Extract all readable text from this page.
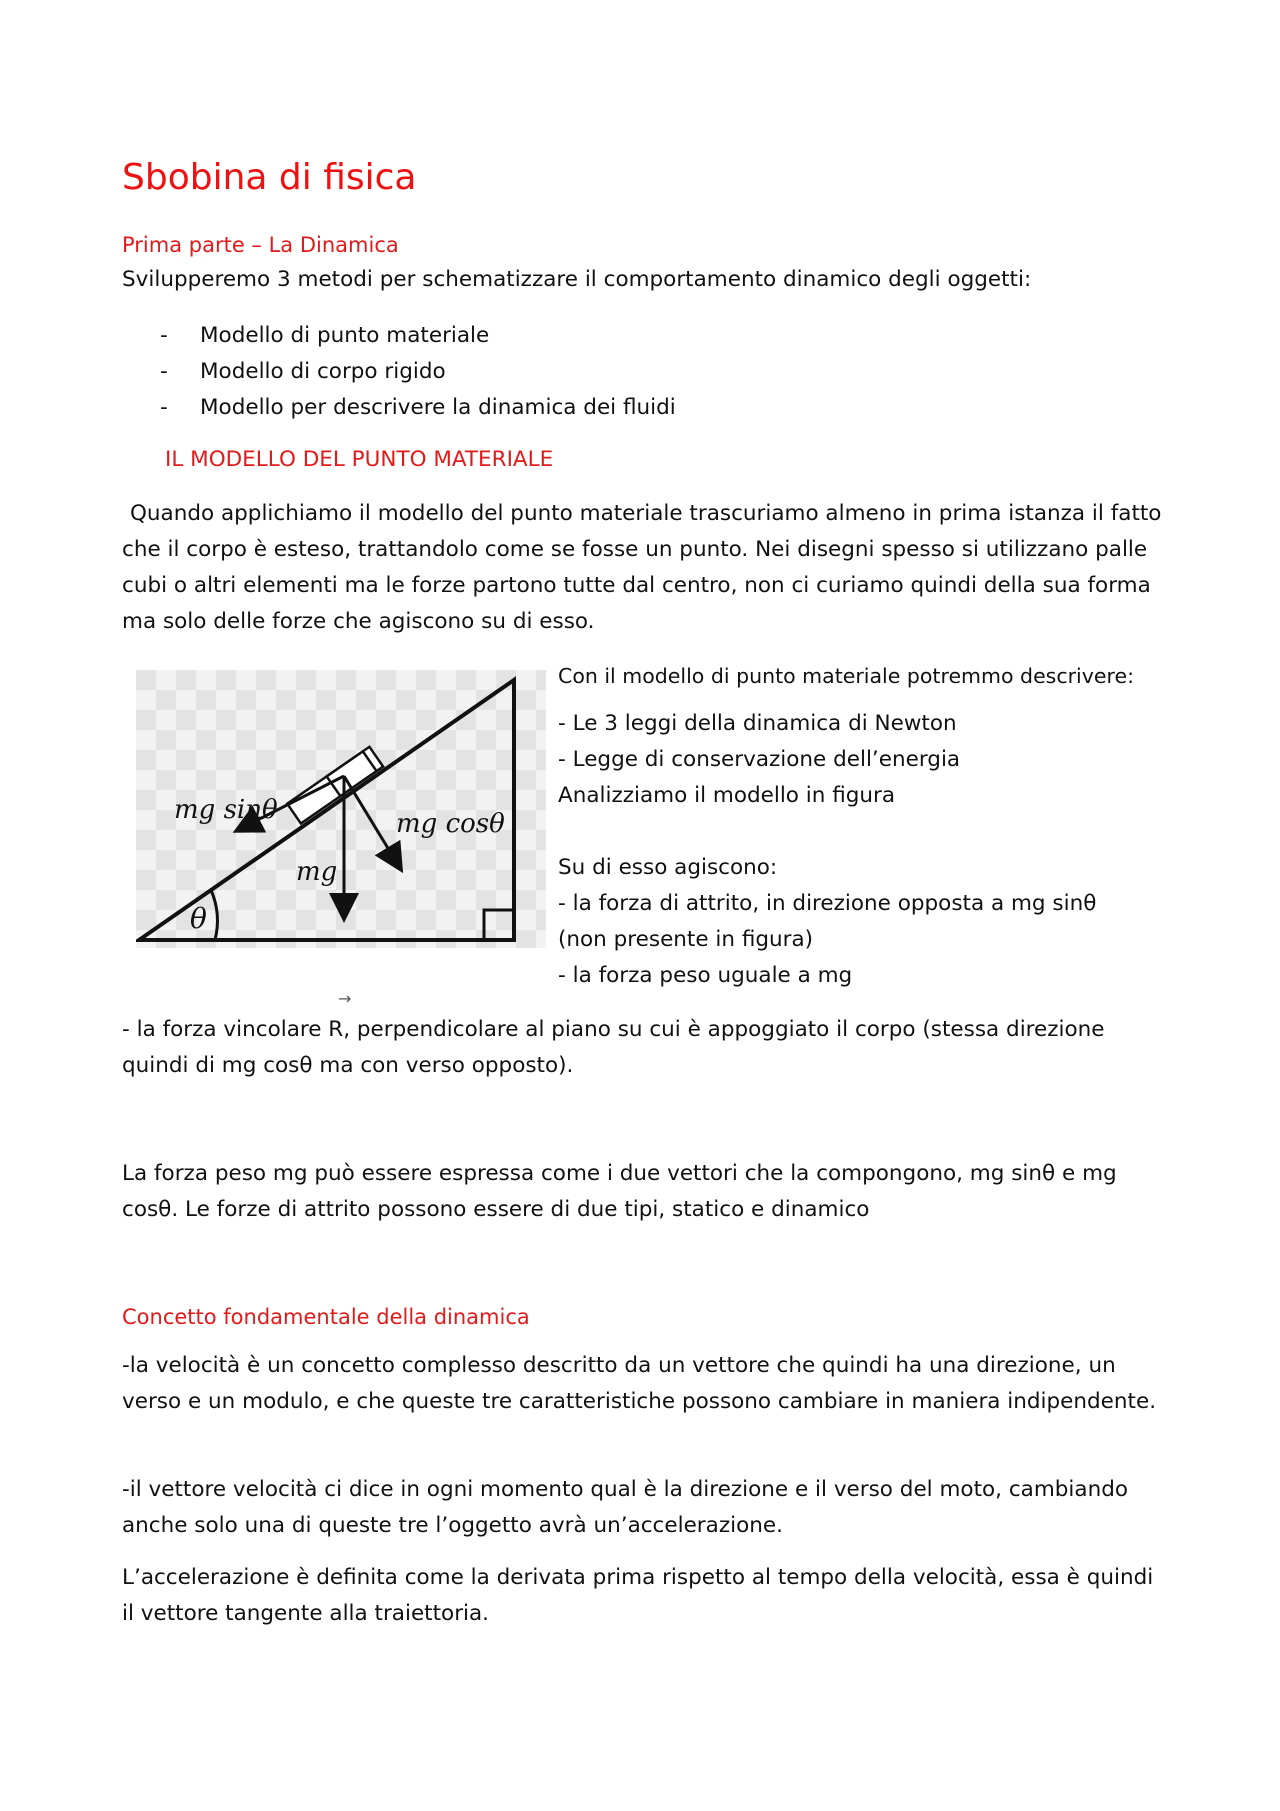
Sbobina di fisica
Prima parte – La Dinamica
Svilupperemo 3 metodi per schematizzare il comportamento dinamico degli oggetti:
-	Modello di punto materiale
-	Modello di corpo rigido
-	Modello per descrivere la dinamica dei fluidi
IL MODELLO DEL PUNTO MATERIALE
Quando applichiamo il modello del punto materiale trascuriamo almeno in prima istanza il fatto che il corpo è esteso, trattandolo come se fosse un punto. Nei disegni spesso si utilizzano palle cubi o altri elementi ma le forze partono tutte dal centro, non ci curiamo quindi della sua forma ma solo delle forze che agiscono su di esso.
mg sinθ	mg cosθ
mg
θ

Con il modello di punto materiale potremmo descrivere:

- Le 3 leggi della dinamica di Newton

- Legge di conservazione dell’energia

Analizziamo il modello in figura

Su di esso agiscono:

- la forza di attrito, in direzione opposta a mg sinθ

(non presente in figura)

- la forza peso uguale a mg

→
- la forza vincolare R, perpendicolare al piano su cui è appoggiato il corpo (stessa direzione quindi di mg cosθ ma con verso opposto).
La forza peso mg può essere espressa come i due vettori che la compongono, mg sinθ e mg cosθ. Le forze di attrito possono essere di due tipi, statico e dinamico
Concetto fondamentale della dinamica
-la velocità è un concetto complesso descritto da un vettore che quindi ha una direzione, un verso e un modulo, e che queste tre caratteristiche possono cambiare in maniera indipendente.
-il vettore velocità ci dice in ogni momento qual è la direzione e il verso del moto, cambiando anche solo una di queste tre l’oggetto avrà un’accelerazione.
L’accelerazione è definita come la derivata prima rispetto al tempo della velocità, essa è quindi il vettore tangente alla traiettoria.
